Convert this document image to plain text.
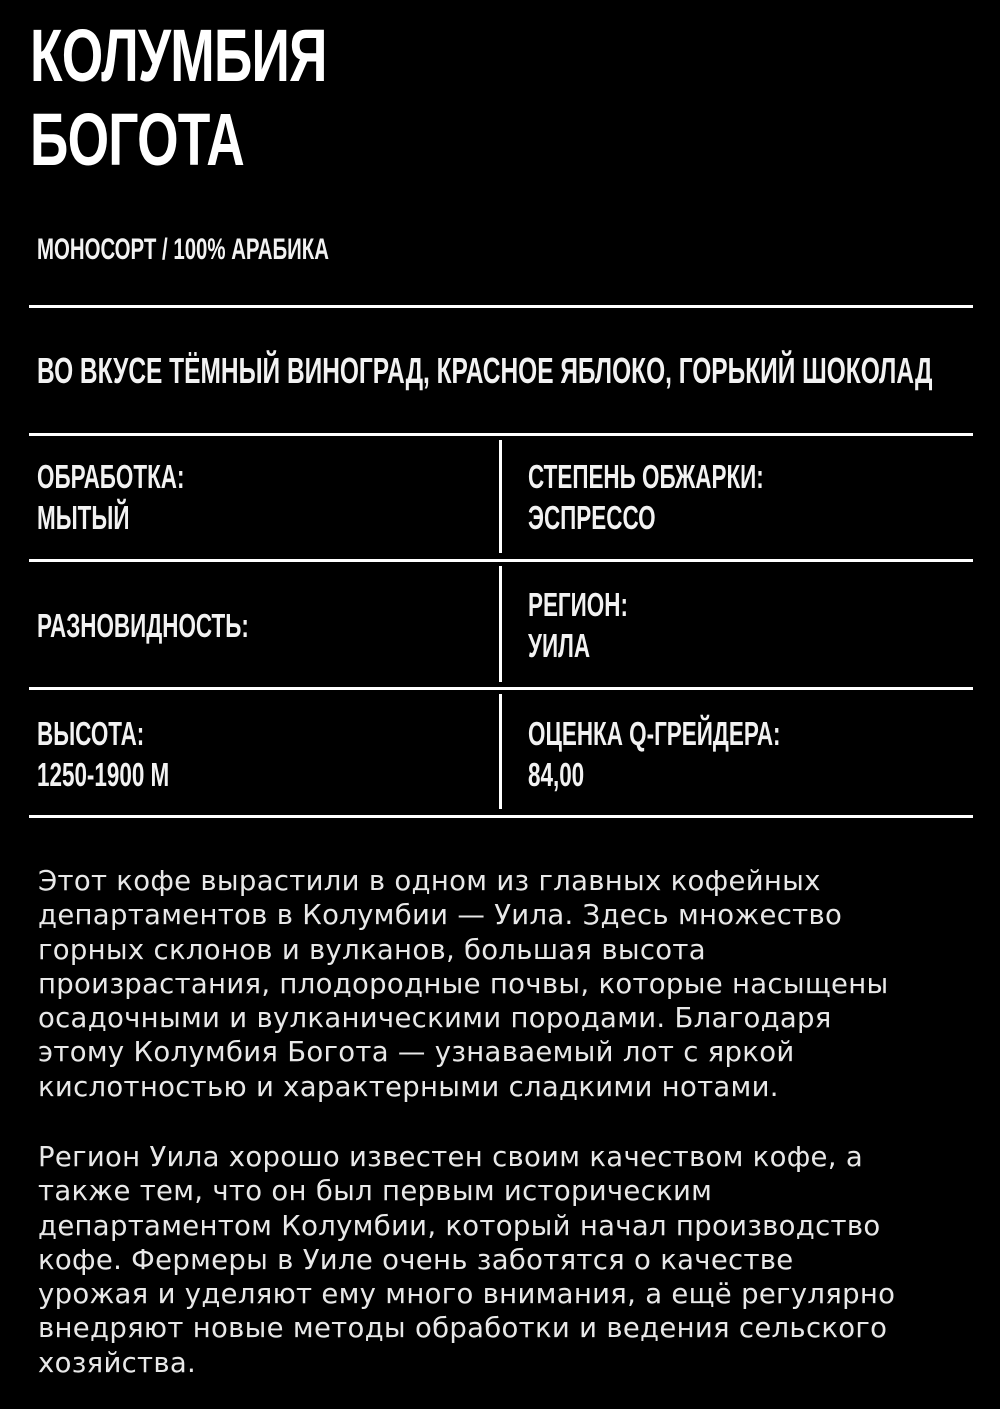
КОЛУМБИЯ
БОГОТА
МОНОСОРТ / 100% АРАБИКА
ВО ВКУСЕ ТЁМНЫЙ ВИНОГРАД, КРАСНОЕ ЯБЛОКО, ГОРЬКИЙ ШОКОЛАД
ОБРАБОТКА:
МЫТЫЙ
СТЕПЕНЬ ОБЖАРКИ:
ЭСПРЕССО
РАЗНОВИДНОСТЬ:
РЕГИОН:
УИЛА
ВЫСОТА:
1250-1900 М
ОЦЕНКА Q-ГРЕЙДЕРА:
84,00
Этот кофе вырастили в одном из главных кофейных
департаментов в Колумбии — Уила. Здесь множество
горных склонов и вулканов, большая высота
произрастания, плодородные почвы, которые насыщены
осадочными и вулканическими породами. Благодаря
этому Колумбия Богота — узнаваемый лот с яркой
кислотностью и характерными сладкими нотами.
Регион Уила хорошо известен своим качеством кофе, а
также тем, что он был первым историческим
департаментом Колумбии, который начал производство
кофе. Фермеры в Уиле очень заботятся о качестве
урожая и уделяют ему много внимания, а ещё регулярно
внедряют новые методы обработки и ведения сельского
хозяйства.
